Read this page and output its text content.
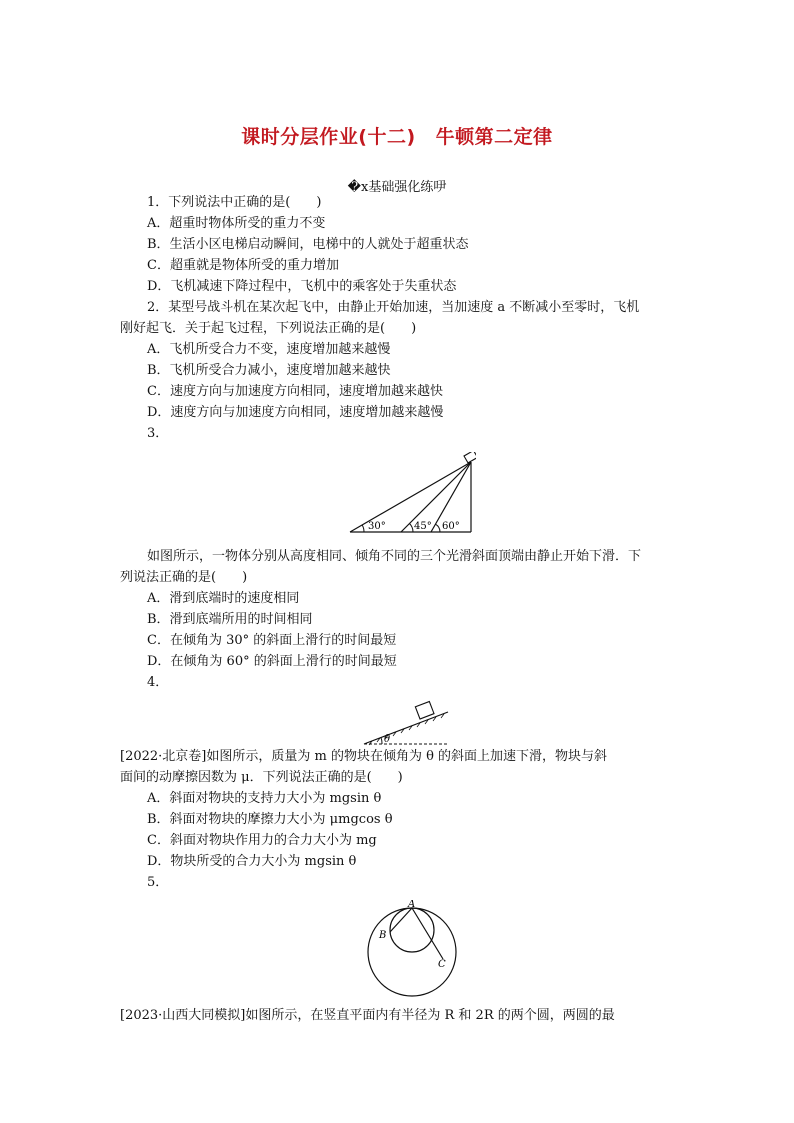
课时分层作业(十二) 牛顿第二定律
�x基础强化练吚
1．下列说法中正确的是(　　)
A．超重时物体所受的重力不变
B．生活小区电梯启动瞬间，电梯中的人就处于超重状态
C．超重就是物体所受的重力增加
D．飞机减速下降过程中，飞机中的乘客处于失重状态
2．某型号战斗机在某次起飞中，由静止开始加速，当加速度 a 不断减小至零时，飞机
刚好起飞．关于起飞过程，下列说法正确的是(　　)
A．飞机所受合力不变，速度增加越来越慢
B．飞机所受合力减小，速度增加越来越快
C．速度方向与加速度方向相同，速度增加越来越快
D．速度方向与加速度方向相同，速度增加越来越慢
3．
30°	45° 60°
如图所示，一物体分别从高度相同、倾角不同的三个光滑斜面顶端由静止开始下滑．下
列说法正确的是(　　)
A．滑到底端时的速度相同
B．滑到底端所用的时间相同
C．在倾角为 30° 的斜面上滑行的时间最短
D．在倾角为 60° 的斜面上滑行的时间最短
4．
θ
[2022·北京卷]如图所示，质量为 m 的物块在倾角为 θ 的斜面上加速下滑，物块与斜
面间的动摩擦因数为 μ．下列说法正确的是(　　)
A．斜面对物块的支持力大小为 mgsin θ
B．斜面对物块的摩擦力大小为 μmgcos θ
C．斜面对物块作用力的合力大小为 mg
D．物块所受的合力大小为 mgsin θ
5．
A
B
C
[2023·山西大同模拟]如图所示，在竖直平面内有半径为 R 和 2R 的两个圆，两圆的最
